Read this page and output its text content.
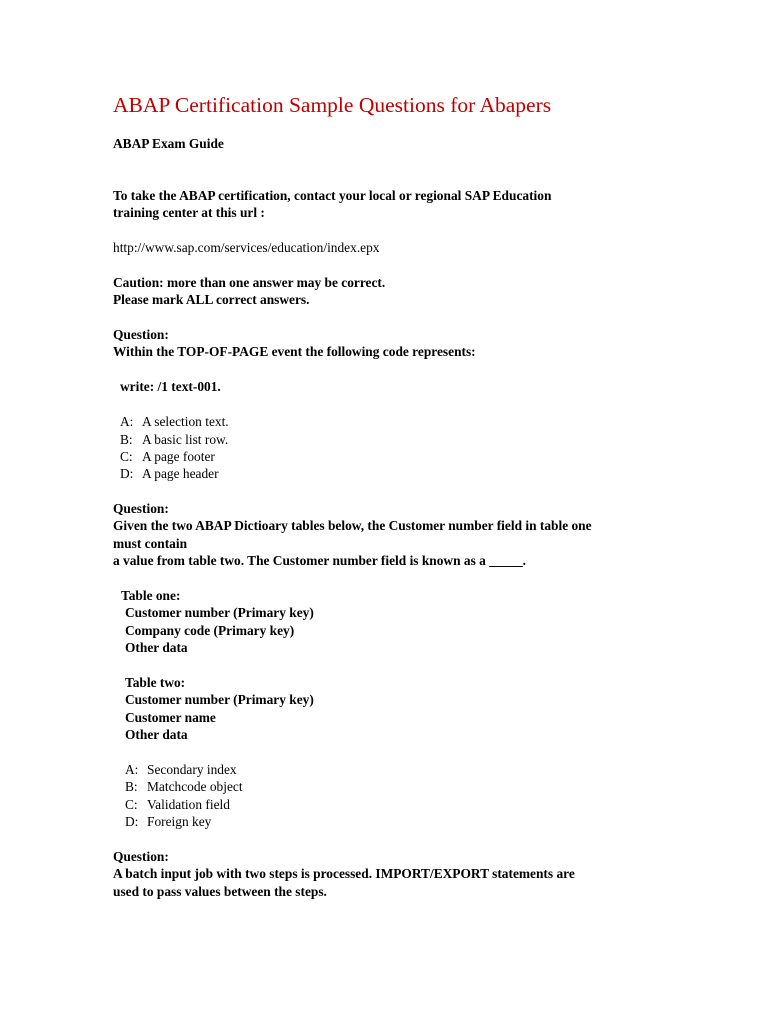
ABAP Certification Sample Questions for Abapers
ABAP Exam Guide
To take the ABAP certification, contact your local or regional SAP Education
training center at this url :
http://www.sap.com/services/education/index.epx
Caution: more than one answer may be correct.
Please mark ALL correct answers.
Question:
Within the TOP-OF-PAGE event the following code represents:
write: /1 text-001.
A: A selection text.
B: A basic list row.
C: A page footer
D: A page header
Question:
Given the two ABAP Dictioary tables below, the Customer number field in table one
must contain
a value from table two. The Customer number field is known as a _____.
Table one:
Customer number (Primary key)
Company code (Primary key)
Other data
Table two:
Customer number (Primary key)
Customer name
Other data
A: Secondary index
B: Matchcode object
C: Validation field
D: Foreign key
Question:
A batch input job with two steps is processed. IMPORT/EXPORT statements are
used to pass values between the steps.
